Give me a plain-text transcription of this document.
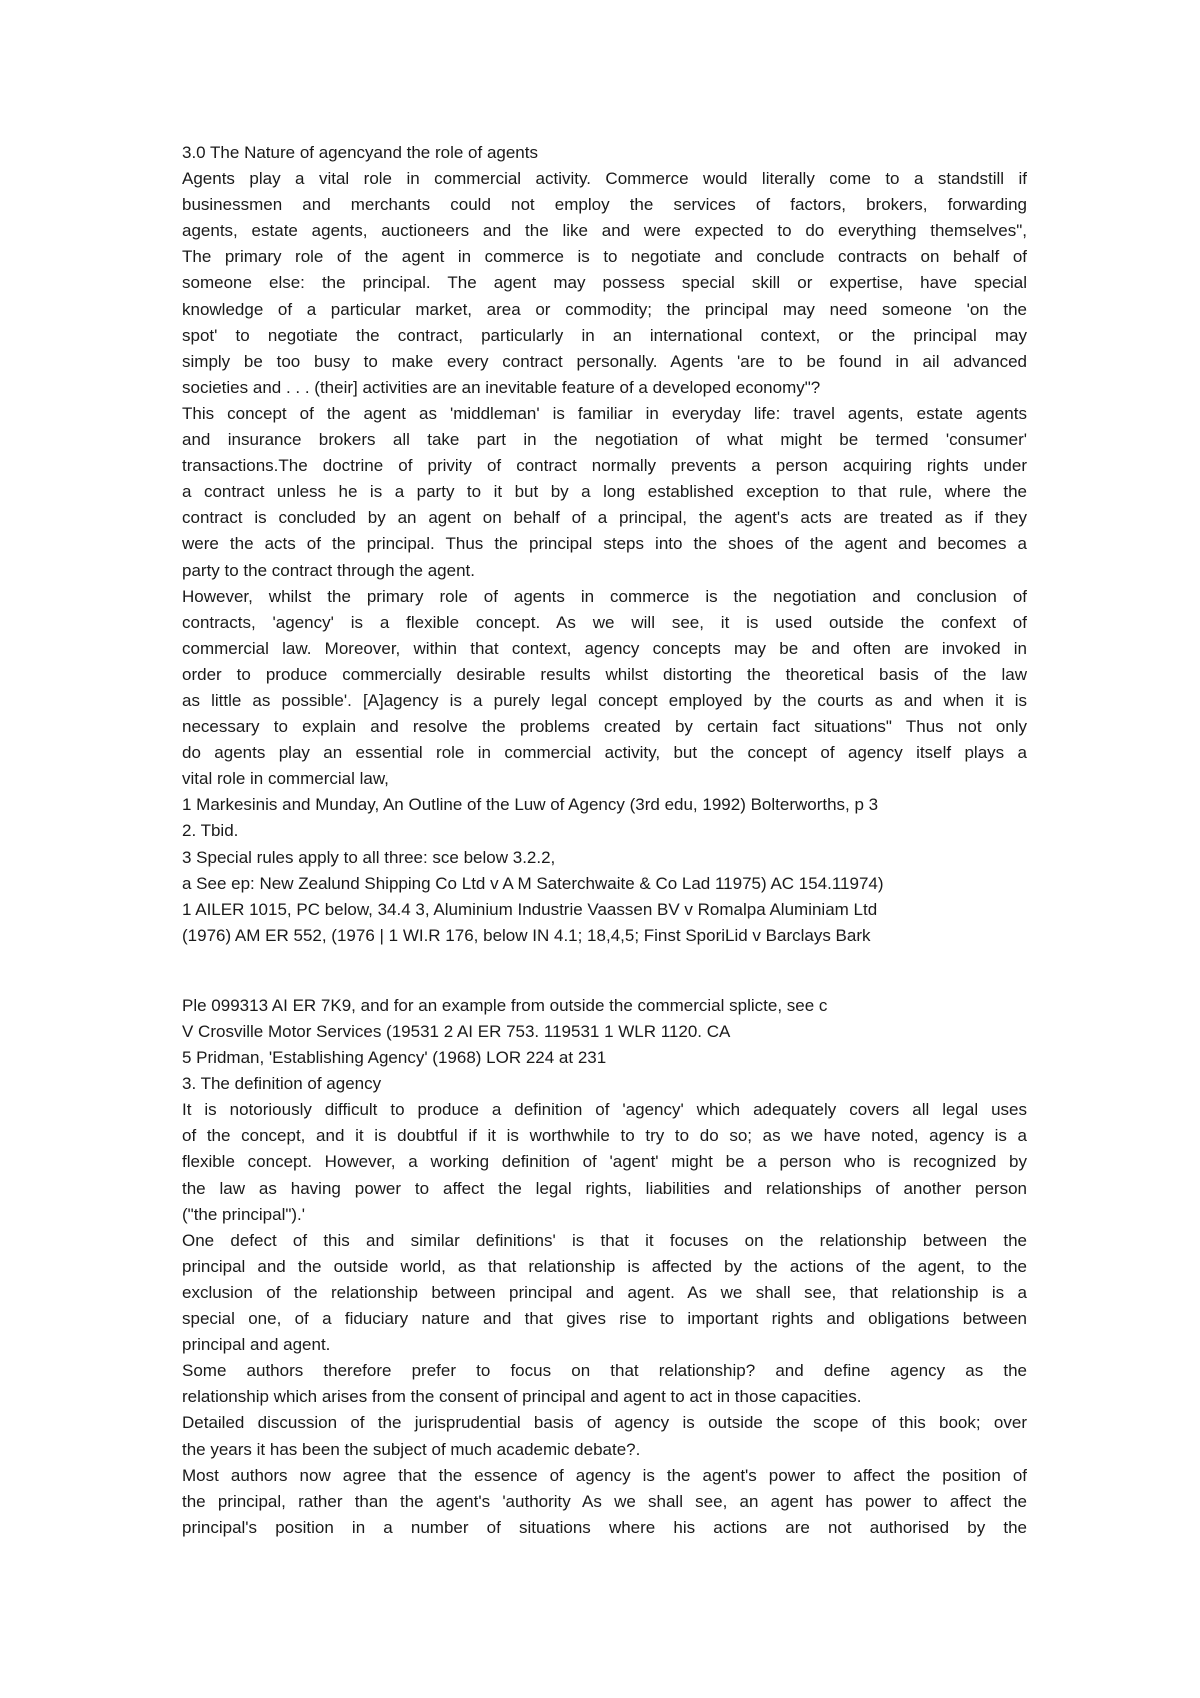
3.0 The Nature of agencyand the role of agents
Agents play a vital role in commercial activity. Commerce would literally come to a standstill if
businessmen and merchants could not employ the services of factors, brokers, forwarding
agents, estate agents, auctioneers and the like and were expected to do everything themselves",
The primary role of the agent in commerce is to negotiate and conclude contracts on behalf of
someone else: the principal. The agent may possess special skill or expertise, have special
knowledge of a particular market, area or commodity; the principal may need someone 'on the
spot' to negotiate the contract, particularly in an international context, or the principal may
simply be too busy to make every contract personally. Agents 'are to be found in ail advanced
societies and . . . (their] activities are an inevitable feature of a developed economy"?
This concept of the agent as 'middleman' is familiar in everyday life: travel agents, estate agents
and insurance brokers all take part in the negotiation of what might be termed 'consumer'
transactions.The doctrine of privity of contract normally prevents a person acquiring rights under
a contract unless he is a party to it but by a long established exception to that rule, where the
contract is concluded by an agent on behalf of a principal, the agent's acts are treated as if they
were the acts of the principal. Thus the principal steps into the shoes of the agent and becomes a
party to the contract through the agent.
However, whilst the primary role of agents in commerce is the negotiation and conclusion of
contracts, 'agency' is a flexible concept. As we will see, it is used outside the confext of
commercial law. Moreover, within that context, agency concepts may be and often are invoked in
order to produce commercially desirable results whilst distorting the theoretical basis of the law
as little as possible'. [A]agency is a purely legal concept employed by the courts as and when it is
necessary to explain and resolve the problems created by certain fact situations" Thus not only
do agents play an essential role in commercial activity, but the concept of agency itself plays a
vital role in commercial law,
1 Markesinis and Munday, An Outline of the Luw of Agency (3rd edu, 1992) Bolterworths, p 3
2. Tbid.
3 Special rules apply to all three: sce below 3.2.2,
a See ep: New Zealund Shipping Co Ltd v A M Saterchwaite & Co Lad 11975) AC 154.11974)
1 AILER 1015, PC below, 34.4 3, Aluminium Industrie Vaassen BV v Romalpa Aluminiam Ltd
(1976) AM ER 552, (1976 | 1 WI.R 176, below IN 4.1; 18,4,5; Finst SporiLid v Barclays Bark
Ple 099313 AI ER 7K9, and for an example from outside the commercial splicte, see c
V Crosville Motor Services (19531 2 AI ER 753. 119531 1 WLR 1120. CA
5 Pridman, 'Establishing Agency' (1968) LOR 224 at 231
3. The definition of agency
It is notoriously difficult to produce a definition of 'agency' which adequately covers all legal uses
of the concept, and it is doubtful if it is worthwhile to try to do so; as we have noted, agency is a
flexible concept. However, a working definition of 'agent' might be a person who is recognized by
the law as having power to affect the legal rights, liabilities and relationships of another person
("the principal").'
One defect of this and similar definitions' is that it focuses on the relationship between the
principal and the outside world, as that relationship is affected by the actions of the agent, to the
exclusion of the relationship between principal and agent. As we shall see, that relationship is a
special one, of a fiduciary nature and that gives rise to important rights and obligations between
principal and agent.
Some authors therefore prefer to focus on that relationship? and define agency as the
relationship which arises from the consent of principal and agent to act in those capacities.
Detailed discussion of the jurisprudential basis of agency is outside the scope of this book; over
the years it has been the subject of much academic debate?.
Most authors now agree that the essence of agency is the agent's power to affect the position of
the principal, rather than the agent's 'authority As we shall see, an agent has power to affect the
principal's position in a number of situations where his actions are not authorised by the
